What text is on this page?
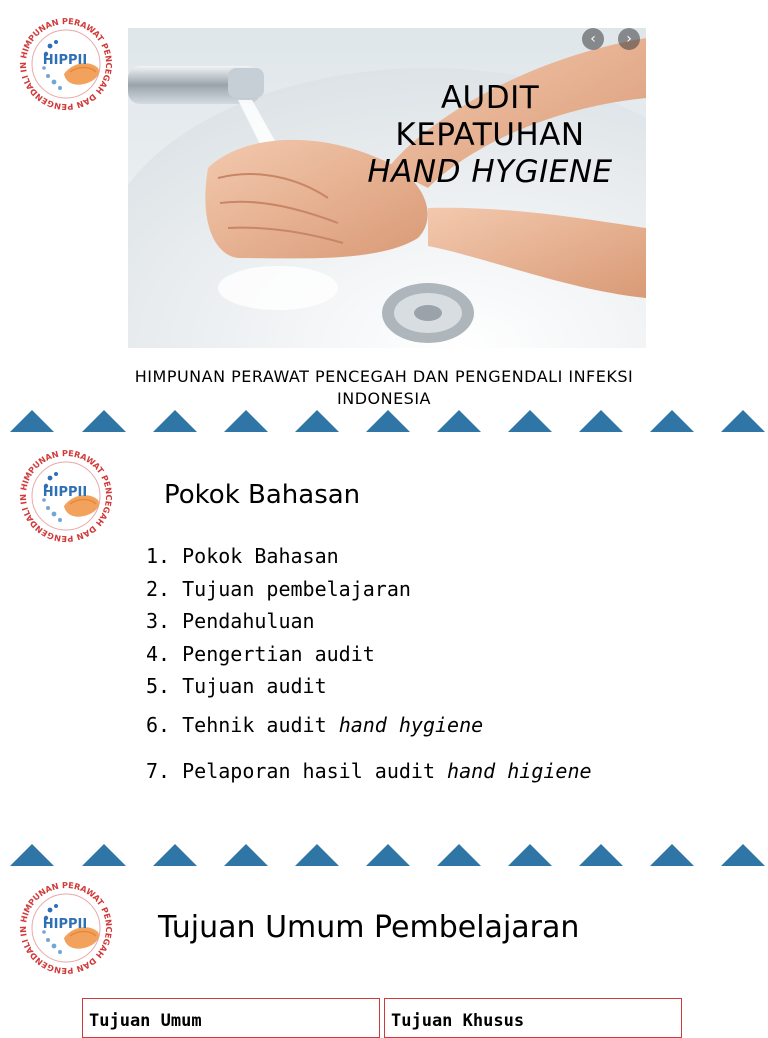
AUDIT
KEPATUHAN
HAND HYGIENE
‹	›
HIMPUNAN PERAWAT PENCEGAH DAN PENGENDALI INFEKSI INDONESIA
Pokok Bahasan
1. Pokok Bahasan
2. Tujuan pembelajaran
3. Pendahuluan
4. Pengertian audit
5. Tujuan audit
6. Tehnik audit hand hygiene
7. Pelaporan hasil audit hand higiene
Tujuan Umum Pembelajaran
Tujuan Umum	Tujuan Khusus
